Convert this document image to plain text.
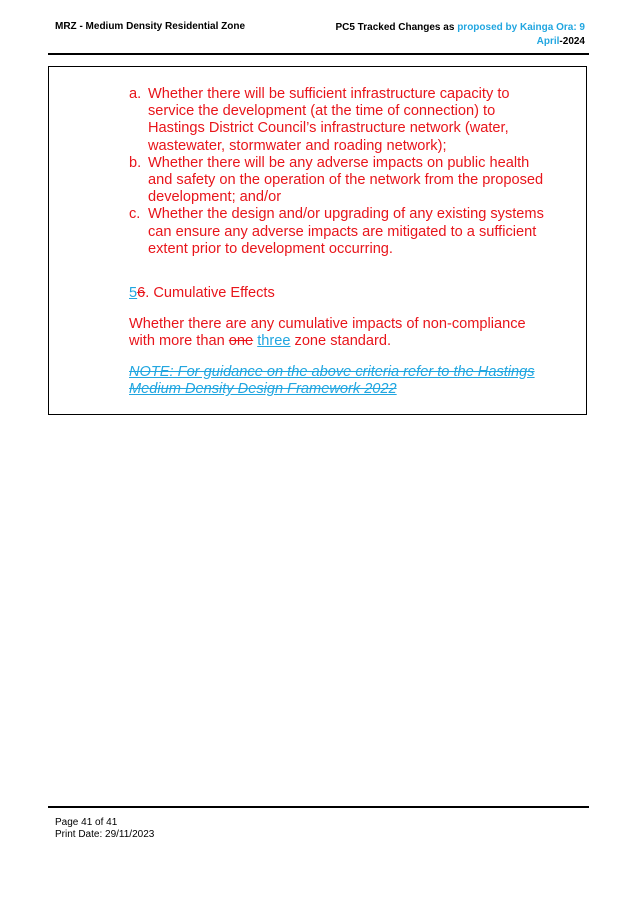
MRZ - Medium Density Residential Zone	PC5 Tracked Changes as proposed by Kainga Ora: 9
April-2024
a. Whether there will be sufficient infrastructure capacity to service the development (at the time of connection) to Hastings District Council’s infrastructure network (water, wastewater, stormwater and roading network);
b. Whether there will be any adverse impacts on public health and safety on the operation of the network from the proposed development; and/or
c. Whether the design and/or upgrading of any existing systems can ensure any adverse impacts are mitigated to a sufficient extent prior to development occurring.
56. Cumulative Effects
Whether there are any cumulative impacts of non-compliance with more than one three zone standard.
NOTE: For guidance on the above criteria refer to the Hastings Medium Density Design Framework 2022
Page 41 of 41
Print Date: 29/11/2023
